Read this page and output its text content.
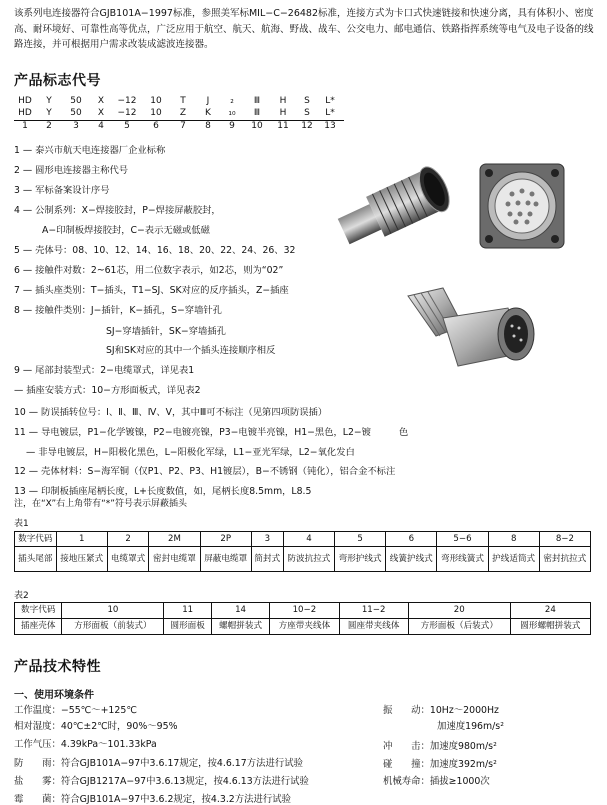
该系列电连接器符合GJB101A−1997标准，参照美军标MIL−C−26482标准，连接方式为卡口式快速链接和快速分离，具有体积小、密度高、耐环境好、可靠性高等优点，广泛应用于航空、航天、航海、野战、战车、公交电力、邮电通信、铁路指挥系统等电气及电子设备的线路连接，并可根据用户需求改装成滤波连接器。
产品标志代号
HD	Y	50	X	−12	10	T	J	₂	Ⅲ	H	S	L*
HD	Y	50	X	−12	10	Z	K	₁₀	Ⅲ	H	S	L*
1	2	3	4	5	6	7	8	9	10	11	12	13
1 — 泰兴市航天电连接器厂企业标称
2 — 圆形电连接器主称代号
3 — 军标备案设计序号
4 — 公制系列：X−焊接胶封，P−焊接屏蔽胶封，
A−印制板焊接胶封，C−表示无磁或低磁
5 — 壳体号：08、10、12、14、16、18、20、22、24、26、32
6 — 接触件对数：2~61芯，用二位数字表示，如2芯，则为“02”
7 — 插头座类别：T−插头，T1−SJ、SK对应的反序插头，Z−插座
8 — 接触件类别：J−插针，K−插孔，S−穿墙针孔
SJ−穿墙插针，SK−穿墙插孔
SJ和SK对应的其中一个插头连接顺序相反
9 — 尾部封装型式：2−电缆罩式，详见表1
— 插座安装方式：10−方形面板式，详见表2
10 — 防误插转位号：Ⅰ、Ⅱ、Ⅲ、Ⅳ、Ⅴ，其中Ⅲ可不标注（见第四项防误插）
11 — 导电镀层，P1−化学镀镍，P2−电镀亮镍，P3−电镀半亮镍，H1−黑色，L2−镀　　　色
— 非导电镀层，H−阳极化黑色，L−阳极化军绿，L1−亚光军绿，L2−氧化发白
12 — 壳体材料：S−海军铜（仅P1、P2、P3、H1镀层），B−不锈钢（钝化），铝合金不标注
13 — 印制板插座尾柄长度，L+长度数值，如，尾柄长度8.5mm，L8.5
注，在“X”右上角带有“*”符号表示屏蔽插头
表1
数字代码	1	2	2M	2P	3	4	5	6	5−6	8	8−2
插头尾部	接地压紧式	电缆罩式	密封电缆罩	屏蔽电缆罩	简封式	防波抗拉式	弯形护线式	线簧护线式	弯形线簧式	护线适筒式	密封抗拉式
表2
数字代码	10	11	14	10−2	11−2	20	24
插座壳体	方形面板（前装式）	圆形面板	螺帽拼装式	方座带夹线体	圆座带夹线体	方形面板（后装式）	圆形螺帽拼装式
产品技术特性
一、使用环境条件
工作温度：−55℃～+125℃
相对湿度：40℃±2℃时，90%～95%
工作气压：4.39kPa～101.33kPa
防　　雨：符合GJB101A−97中3.6.17规定，按4.6.17方法进行试验
盐　　雾：符合GJB1217A−97中3.6.13规定，按4.6.13方法进行试验
霉　　菌：符合GJB101A−97中3.6.2规定，按4.3.2方法进行试验
振　　动：10Hz～2000Hz
加速度196m/s²
冲　　击：加速度980m/s²
碰　　撞：加速度392m/s²
机械寿命：插拔≥1000次
